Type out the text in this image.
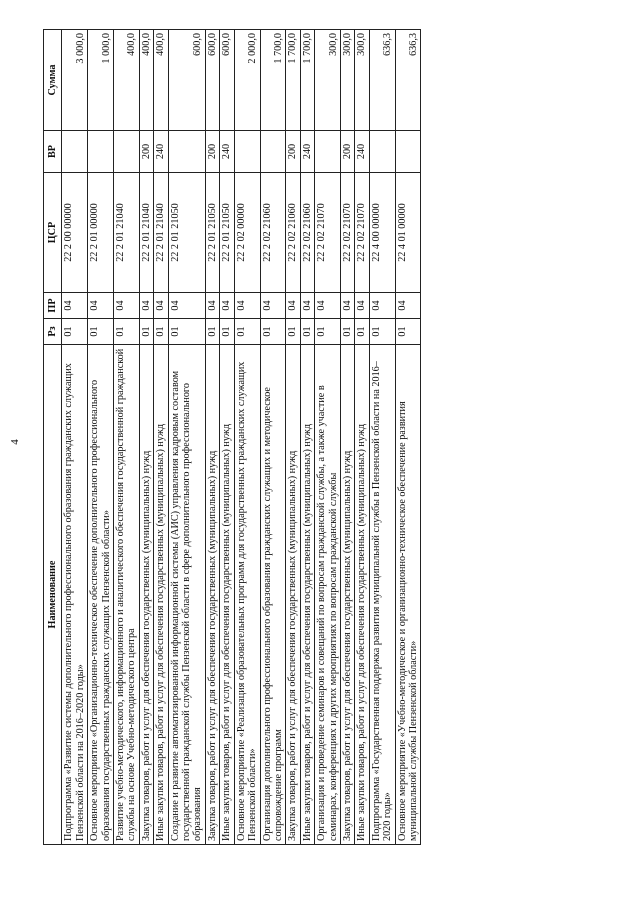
4
Наименование	Рз	ПР	ЦСР	ВР	Сумма
Подпрограмма «Развитие системы дополнительного профессионального образования гражданских служащих Пензенской области на 2016–2020 годы»	01	04	22 2 00 00000		3 000,0
Основное мероприятие «Организационно-техническое обеспечение дополнительного профессионального образования государственных гражданских служащих Пензенской области»	01	04	22 2 01 00000		1 000,0
Развитие учебно-методического, информационного и аналитического обеспечения государственной гражданской службы на основе Учебно-методического центра	01	04	22 2 01 21040		400,0
Закупка товаров, работ и услуг для обеспечения государственных (муниципальных) нужд	01	04	22 2 01 21040	200	400,0
Иные закупки товаров, работ и услуг для обеспечения государственных (муниципальных) нужд	01	04	22 2 01 21040	240	400,0
Создание и развитие автоматизированной информационной системы (АИС) управления кадровым составом государственной гражданской службы Пензенской области в сфере дополнительного профессионального образования	01	04	22 2 01 21050		600,0
Закупка товаров, работ и услуг для обеспечения государственных (муниципальных) нужд	01	04	22 2 01 21050	200	600,0
Иные закупки товаров, работ и услуг для обеспечения государственных (муниципальных) нужд	01	04	22 2 01 21050	240	600,0
Основное мероприятие «Реализация образовательных программ для государственных гражданских служащих Пензенской области»	01	04	22 2 02 00000		2 000,0
Организация дополнительного профессионального образования гражданских служащих и методическое сопровождение программ	01	04	22 2 02 21060		1 700,0
Закупка товаров, работ и услуг для обеспечения государственных (муниципальных) нужд	01	04	22 2 02 21060	200	1 700,0
Иные закупки товаров, работ и услуг для обеспечения государственных (муниципальных) нужд	01	04	22 2 02 21060	240	1 700,0
Организация и проведение семинаров и совещаний по вопросам гражданской службы, а также участие в семинарах, конференциях и других мероприятиях по вопросам гражданской службы	01	04	22 2 02 21070		300,0
Закупка товаров, работ и услуг для обеспечения государственных (муниципальных) нужд	01	04	22 2 02 21070	200	300,0
Иные закупки товаров, работ и услуг для обеспечения государственных (муниципальных) нужд	01	04	22 2 02 21070	240	300,0
Подпрограмма «Государственная поддержка развития муниципальной службы в Пензенской области на 2016–2020 годы»	01	04	22 4 00 00000		636,3
Основное мероприятие «Учебно-методическое и организационно-техническое обеспечение развития муниципальной службы Пензенской области»	01	04	22 4 01 00000		636,3
